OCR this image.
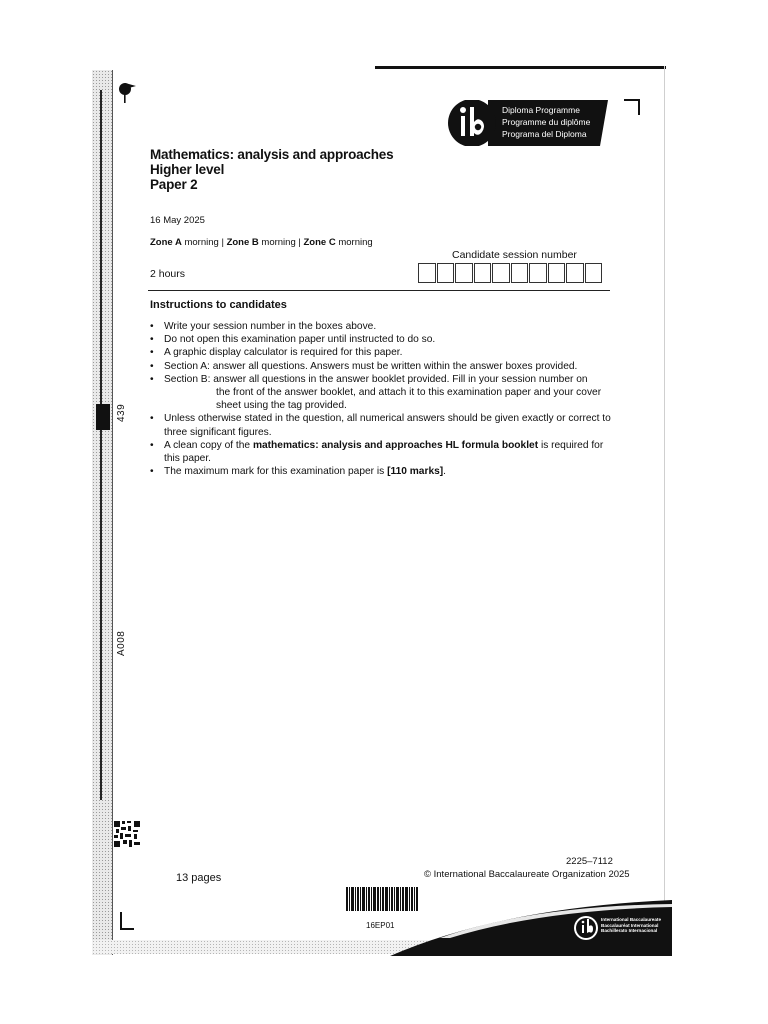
439
A008
Diploma Programme
Programme du diplôme
Programa del Diploma
Mathematics: analysis and approaches
Higher level
Paper 2
16 May 2025
Zone A morning | Zone B morning | Zone C morning
Candidate session number
2 hours
Instructions to candidates
• Write your session number in the boxes above.
• Do not open this examination paper until instructed to do so.
• A graphic display calculator is required for this paper.
• Section A: answer all questions. Answers must be written within the answer boxes provided.
• Section B: answer all questions in the answer booklet provided. Fill in your session number on
the front of the answer booklet, and attach it to this examination paper and your cover sheet using the tag provided.
• Unless otherwise stated in the question, all numerical answers should be given exactly or correct to three significant figures.
• A clean copy of the mathematics: analysis and approaches HL formula booklet is required for this paper.
• The maximum mark for this examination paper is [110 marks].
13 pages
2225–7112
© International Baccalaureate Organization 2025
16EP01
International Baccalaureate
Baccalauréat International
Bachillerato Internacional
